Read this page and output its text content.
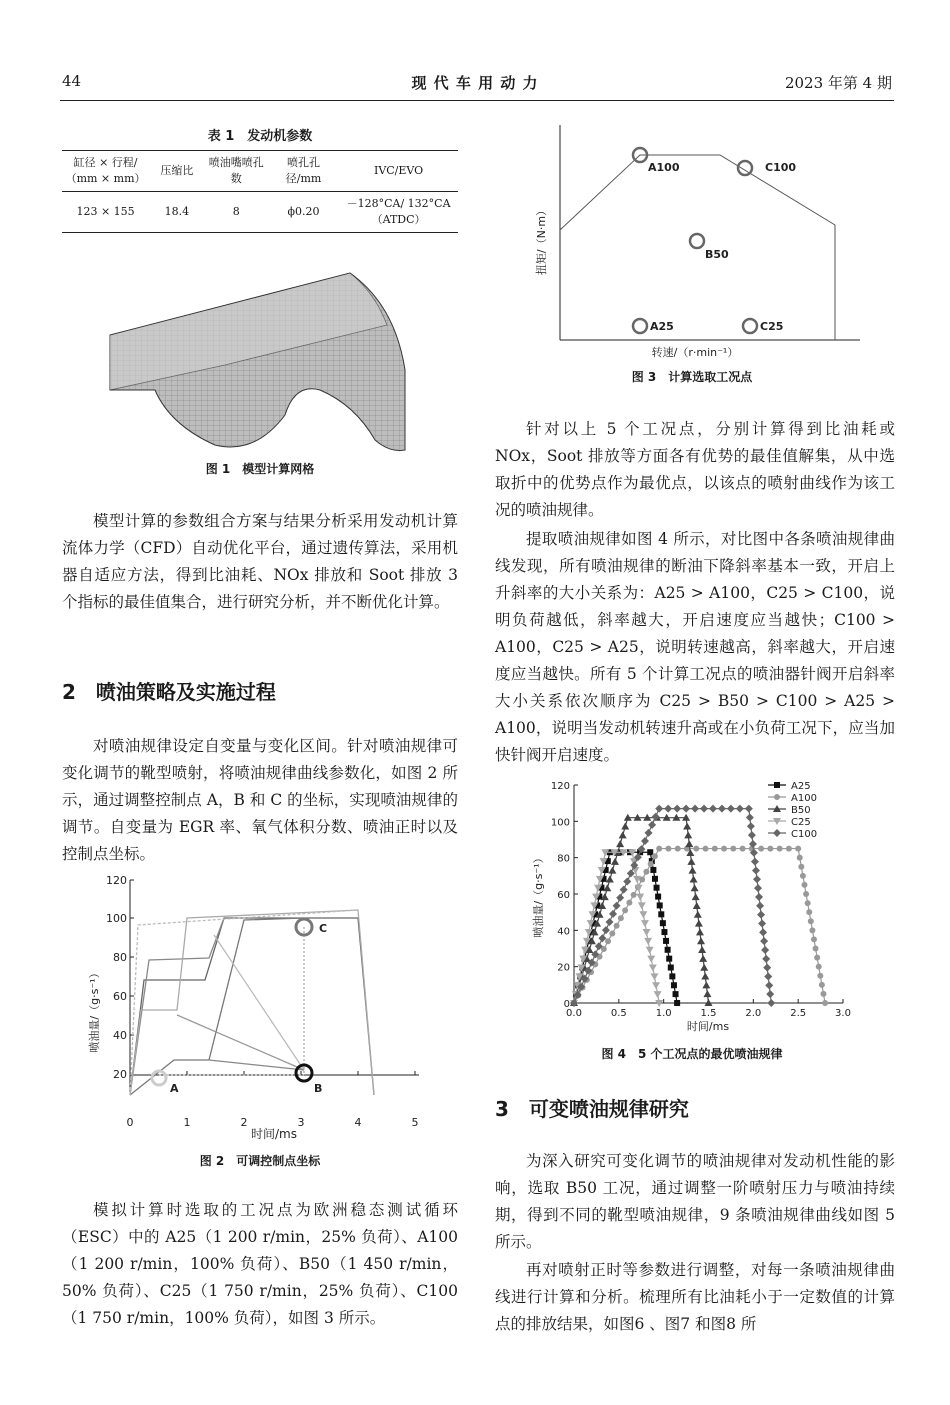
44	现 代 车 用 动 力	2023 年第 4 期
表 1　发动机参数
缸径 × 行程/（mm × mm）	压缩比	喷油嘴喷孔数	喷孔孔径/mm	IVC/EVO
123 × 155	18.4	8	ϕ0.20	－128°CA/ 132°CA（ATDC）
图 1　模型计算网格

模型计算的参数组合方案与结果分析采用发动机计算流体力学（CFD）自动优化平台，通过遗传算法，采用机器自适应方法，得到比油耗、NOx 排放和 Soot 排放 3 个指标的最佳值集合，进行研究分析，并不断优化计算。

2　喷油策略及实施过程

对喷油规律设定自变量与变化区间。针对喷油规律可变化调节的靴型喷射，将喷油规律曲线参数化，如图 2 所示，通过调整控制点 A，B 和 C 的坐标，实现喷油规律的调节。自变量为 EGR 率、氧气体积分数、喷油正时以及控制点坐标。

120
100
80
60
40
20
0	1	2	3	4	5
时间/ms
喷油量/（g·s⁻¹）
A	B
C
图 2　可调控制点坐标

模拟计算时选取的工况点为欧洲稳态测试循环（ESC）中的 A25（1 200 r/min，25% 负荷）、A100（1 200 r/min，100% 负荷）、B50（1 450 r/min，50% 负荷）、C25（1 750 r/min，25% 负荷）、C100（1 750 r/min，100% 负荷），如图 3 所示。

扭矩/（N·m）
转速/（r·min⁻¹）
A100	C100
B50
A25	C25
图 3　计算选取工况点

针对以上 5 个工况点，分别计算得到比油耗或 NOx，Soot 排放等方面各有优势的最佳值解集，从中选取折中的优势点作为最优点，以该点的喷射曲线作为该工况的喷油规律。

提取喷油规律如图 4 所示，对比图中各条喷油规律曲线发现，所有喷油规律的断油下降斜率基本一致，开启上升斜率的大小关系为：A25 > A100，C25 > C100，说明负荷越低，斜率越大，开启速度应当越快；C100 > A100，C25 > A25，说明转速越高，斜率越大，开启速度应当越快。所有 5 个计算工况点的喷油器针阀开启斜率大小关系依次顺序为 C25 > B50 > C100 > A25 > A100，说明当发动机转速升高或在小负荷工况下，应当加快针阀开启速度。

喷油量/（g·s⁻¹）
时间/ms
0
20
40
60
80
100
120
0.0	0.5	1.0	1.5	2.0	2.5	3.0
A25
A100
B50
C25
C100
图 4　5 个工况点的最优喷油规律
3　可变喷油规律研究

为深入研究可变化调节的喷油规律对发动机性能的影响，选取 B50 工况，通过调整一阶喷射压力与喷油持续期，得到不同的靴型喷油规律，9 条喷油规律曲线如图 5 所示。

再对喷射正时等参数进行调整，对每一条喷油规律曲线进行计算和分析。梳理所有比油耗小于一定数值的计算点的排放结果，如图6 、图7 和图8 所
